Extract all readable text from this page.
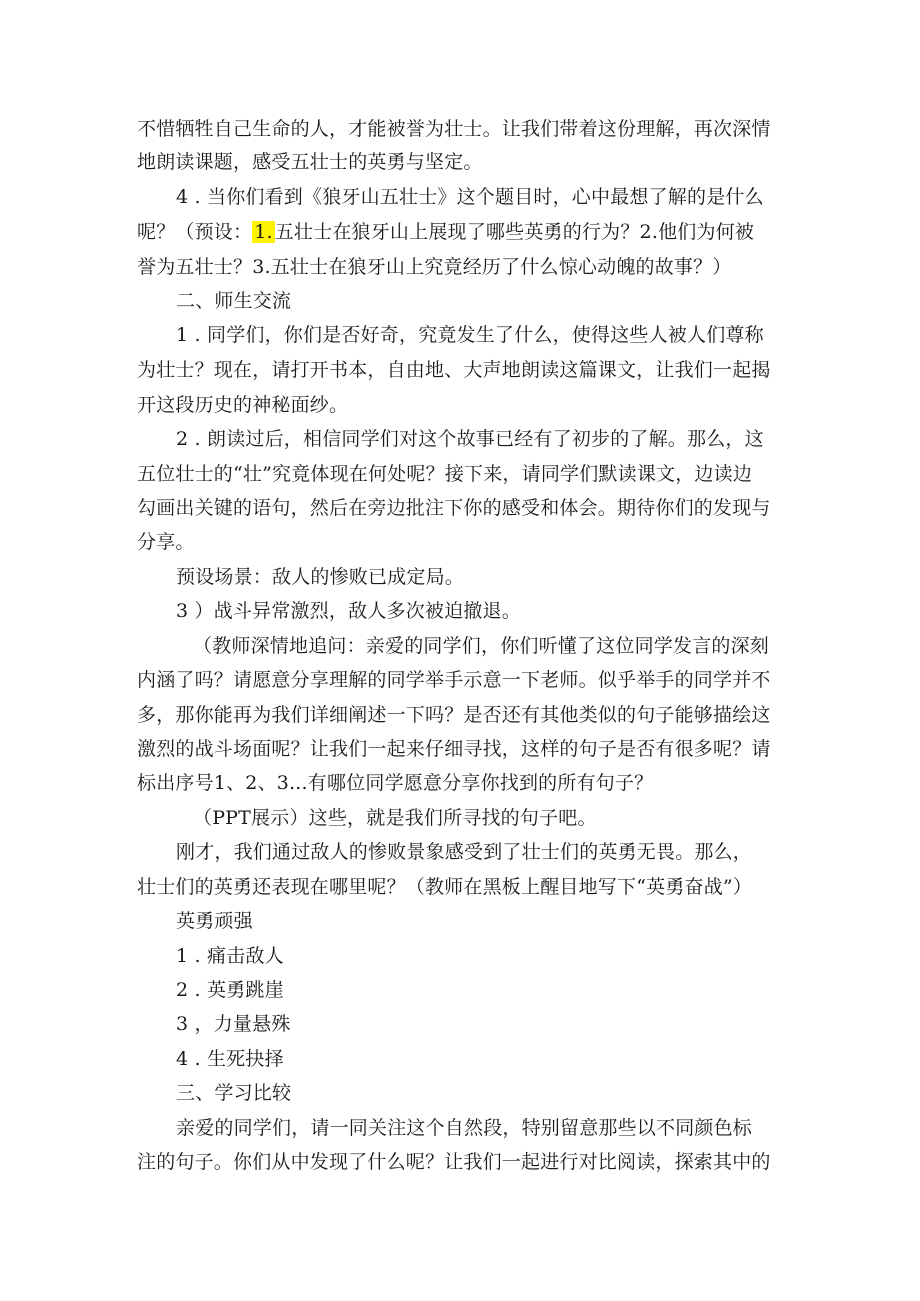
不惜牺牲自己生命的人，才能被誉为壮士。让我们带着这份理解，再次深情
地朗读课题，感受五壮士的英勇与坚定。
4 . 当你们看到《狼牙山五壮士》这个题目时，心中最想了解的是什么
呢？（预设： 1. 五壮士在狼牙山上展现了哪些英勇的行为？2.他们为何被
誉为五壮士？3.五壮士在狼牙山上究竟经历了什么惊心动魄的故事？）
二、师生交流
1 . 同学们，你们是否好奇，究竟发生了什么，使得这些人被人们尊称
为壮士？现在，请打开书本，自由地、大声地朗读这篇课文，让我们一起揭
开这段历史的神秘面纱。
2 . 朗读过后，相信同学们对这个故事已经有了初步的了解。那么，这
五位壮士的“壮”究竟体现在何处呢？接下来，请同学们默读课文，边读边
勾画出关键的语句，然后在旁边批注下你的感受和体会。期待你们的发现与
分享。
预设场景：敌人的惨败已成定局。
3 ）战斗异常激烈，敌人多次被迫撤退。
（教师深情地追问：亲爱的同学们，你们听懂了这位同学发言的深刻
内涵了吗？请愿意分享理解的同学举手示意一下老师。似乎举手的同学并不
多，那你能再为我们详细阐述一下吗？是否还有其他类似的句子能够描绘这
激烈的战斗场面呢？让我们一起来仔细寻找，这样的句子是否有很多呢？请
标出序号1、2、3...有哪位同学愿意分享你找到的所有句子？
（PPT展示）这些，就是我们所寻找的句子吧。
刚才，我们通过敌人的惨败景象感受到了壮士们的英勇无畏。那么，
壮士们的英勇还表现在哪里呢？（教师在黑板上醒目地写下“英勇奋战”）
英勇顽强
1 . 痛击敌人
2 . 英勇跳崖
3 ，力量悬殊
4 . 生死抉择
三、学习比较
亲爱的同学们，请一同关注这个自然段，特别留意那些以不同颜色标
注的句子。你们从中发现了什么呢？让我们一起进行对比阅读，探索其中的
